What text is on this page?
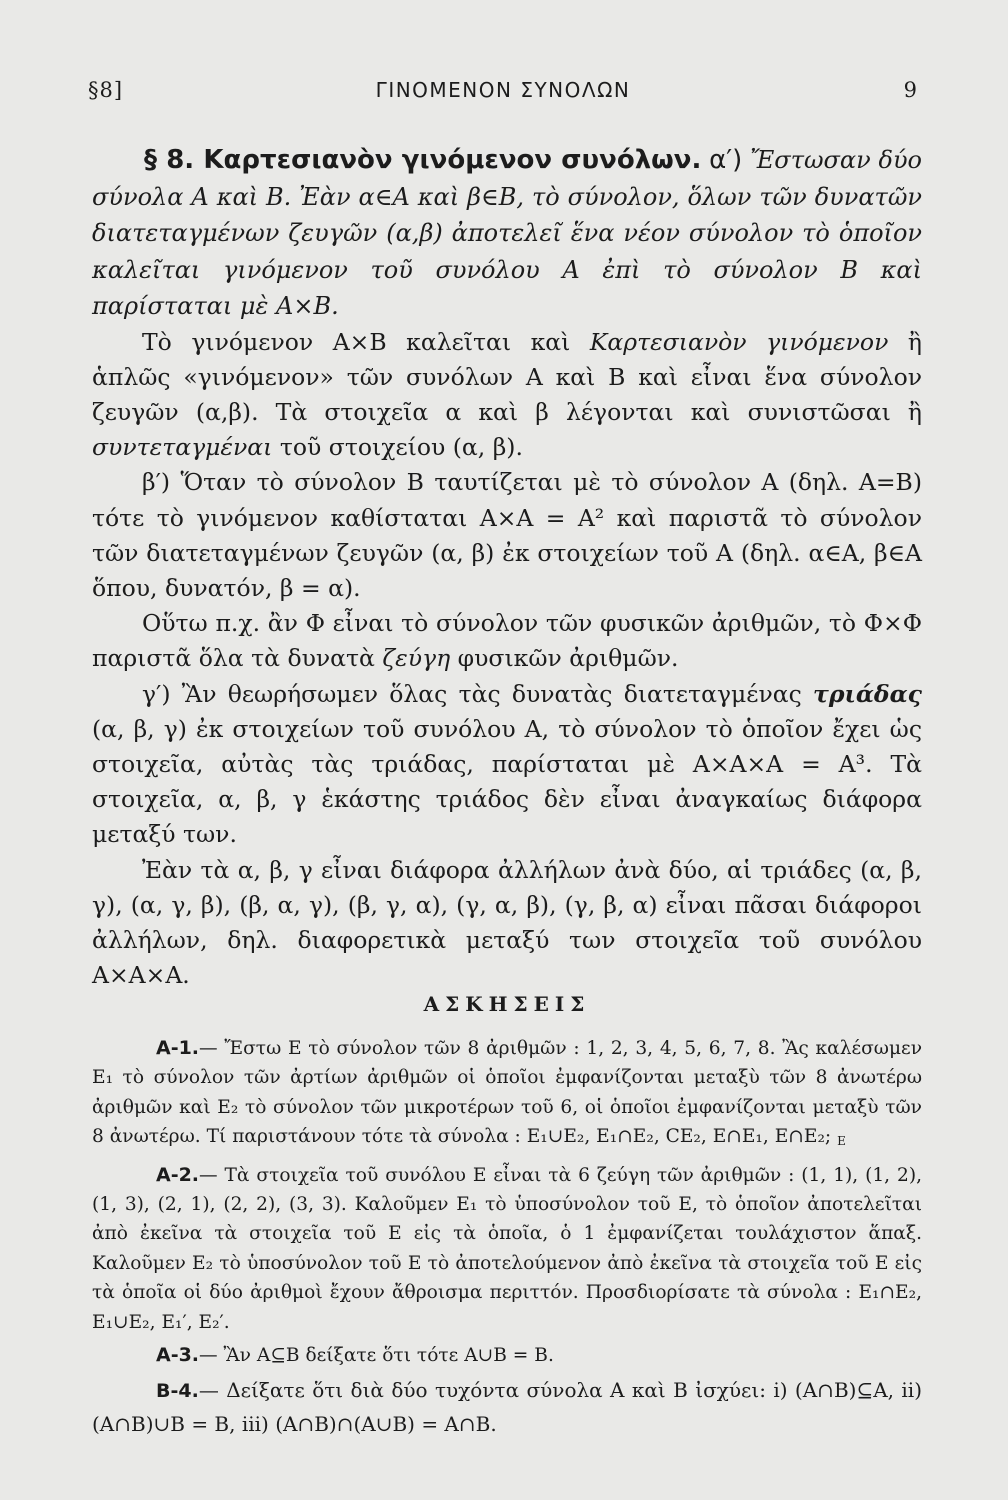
§8]	ΓΙΝΟΜΕΝΟΝ ΣΥΝΟΛΩΝ	9

§ 8. Καρτεσιανὸν γινόμενον συνόλων. α′) Ἔστωσαν δύο σύνολα Α καὶ Β. Ἐὰν α∈Α καὶ β∈Β, τὸ σύνολον, ὅλων τῶν δυνατῶν διατεταγμένων ζευγῶν (α,β) ἀποτελεῖ ἕνα νέον σύνολον τὸ ὁποῖον καλεῖται γινόμενον τοῦ συνόλου Α ἐπὶ τὸ σύνολον Β καὶ παρίσταται μὲ Α×Β.

Τὸ γινόμενον Α×Β καλεῖται καὶ Καρτεσιανὸν γινόμενον ἢ ἁπλῶς «γινόμενον» τῶν συνόλων Α καὶ Β καὶ εἶναι ἕνα σύνολον ζευγῶν (α,β). Τὰ στοιχεῖα α καὶ β λέγονται καὶ συνιστῶσαι ἢ συντεταγμέναι τοῦ στοιχείου (α, β).

β′) Ὅταν τὸ σύνολον Β ταυτίζεται μὲ τὸ σύνολον Α (δηλ. Α=Β) τότε τὸ γινόμενον καθίσταται Α×Α = Α² καὶ παριστᾶ τὸ σύνολον τῶν διατεταγμένων ζευγῶν (α, β) ἐκ στοιχείων τοῦ Α (δηλ. α∈Α, β∈Α ὅπου, δυνατόν, β = α).

Οὕτω π.χ. ἂν Φ εἶναι τὸ σύνολον τῶν φυσικῶν ἀριθμῶν, τὸ Φ×Φ παριστᾶ ὅλα τὰ δυνατὰ ζεύγη φυσικῶν ἀριθμῶν.

γ′) Ἂν θεωρήσωμεν ὅλας τὰς δυνατὰς διατεταγμένας τριάδας (α, β, γ) ἐκ στοιχείων τοῦ συνόλου Α, τὸ σύνολον τὸ ὁποῖον ἔχει ὡς στοιχεῖα, αὐτὰς τὰς τριάδας, παρίσταται μὲ Α×Α×Α = Α³. Τὰ στοιχεῖα, α, β, γ ἑκάστης τριάδος δὲν εἶναι ἀναγκαίως διάφορα μεταξύ των.

Ἐὰν τὰ α, β, γ εἶναι διάφορα ἀλλήλων ἀνὰ δύο, αἱ τριάδες (α, β, γ), (α, γ, β), (β, α, γ), (β, γ, α), (γ, α, β), (γ, β, α) εἶναι πᾶσαι διάφοροι ἀλλήλων, δηλ. διαφορετικὰ μεταξύ των στοιχεῖα τοῦ συνόλου Α×Α×Α.

ΑΣΚΗΣΕΙΣ

Α-1.— Ἔστω Ε τὸ σύνολον τῶν 8 ἀριθμῶν : 1, 2, 3, 4, 5, 6, 7, 8. Ἂς καλέσωμεν Ε₁ τὸ σύνολον τῶν ἀρτίων ἀριθμῶν οἱ ὁποῖοι ἐμφανίζονται μεταξὺ τῶν 8 ἀνωτέρω ἀριθμῶν καὶ Ε₂ τὸ σύνολον τῶν μικροτέρων τοῦ 6, οἱ ὁποῖοι ἐμφανίζονται μεταξὺ τῶν 8 ἀνωτέρω. Τί παριστάνουν τότε τὰ σύνολα : Ε₁∪Ε₂, Ε₁∩Ε₂, CΕ₂, Ε∩Ε₁, Ε∩Ε₂; $_E$

Α-2.— Τὰ στοιχεῖα τοῦ συνόλου Ε εἶναι τὰ 6 ζεύγη τῶν ἀριθμῶν : (1, 1), (1, 2), (1, 3), (2, 1), (2, 2), (3, 3). Καλοῦμεν Ε₁ τὸ ὑποσύνολον τοῦ Ε, τὸ ὁποῖον ἀποτελεῖται ἀπὸ ἐκεῖνα τὰ στοιχεῖα τοῦ Ε εἰς τὰ ὁποῖα, ὁ 1 ἐμφανίζεται τουλάχιστον ἅπαξ. Καλοῦμεν Ε₂ τὸ ὑποσύνολον τοῦ Ε τὸ ἀποτελούμενον ἀπὸ ἐκεῖνα τὰ στοιχεῖα τοῦ Ε εἰς τὰ ὁποῖα οἱ δύο ἀριθμοὶ ἔχουν ἄθροισμα περιττόν. Προσδιορίσατε τὰ σύνολα : Ε₁∩Ε₂, Ε₁∪Ε₂, Ε₁′, Ε₂′.

Α-3.— Ἂν Α⊆Β δείξατε ὅτι τότε Α∪Β = Β.

Β-4.— Δείξατε ὅτι διὰ δύο τυχόντα σύνολα Α καὶ Β ἰσχύει: i) (Α∩Β)⊆Α, ii) (Α∩Β)∪Β = Β, iii) (Α∩Β)∩(Α∪Β) = Α∩Β.
